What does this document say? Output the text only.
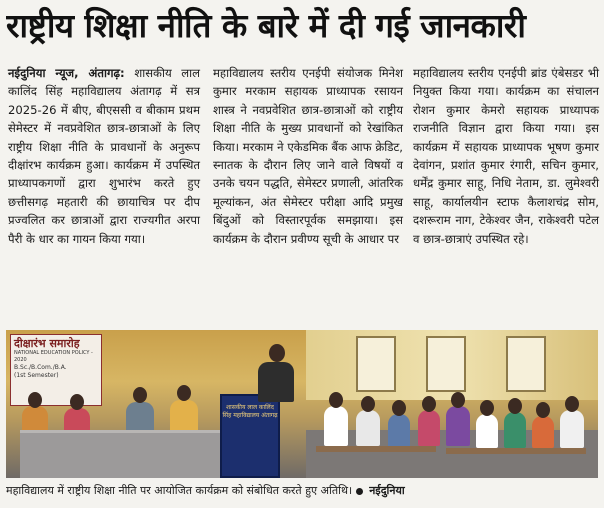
राष्ट्रीय शिक्षा नीति के बारे में दी गई जानकारी

नईदुनिया न्यूज, अंतागढ़: शासकीय लाल कालिंद सिंह महाविद्यालय अंतागढ़ में सत्र 2025-26 में बीए, बीएससी व बीकाम प्रथम सेमेस्टर में नवप्रवेशित छात्र-छात्राओं के लिए राष्ट्रीय शिक्षा नीति के प्रावधानों के अनुरूप दीक्षांरभ कार्यक्रम हुआ। कार्यक्रम में उपस्थित प्राध्यापकगणों द्वारा शुभारंभ करते हुए छत्तीसगढ़ महतारी की छायाचित्र पर दीप प्रज्वलित कर छात्राओं द्वारा राज्यगीत अरपा पैरी के धार का गायन किया गया।

महाविद्यालय स्तरीय एनईपी संयोजक मिनेश कुमार मरकाम सहायक प्राध्यापक रसायन शास्त्र ने नवप्रवेशित छात्र-छात्राओं को राष्ट्रीय शिक्षा नीति के मुख्य प्रावधानों को रेखांकित किया। मरकाम ने एकेडमिक बैंक आफ क्रेडिट, स्नातक के दौरान लिए जाने वाले विषयों व उनके चयन पद्धति, सेमेस्टर प्रणाली, आंतरिक मूल्यांकन, अंत सेमेस्टर परीक्षा आदि प्रमुख बिंदुओं को विस्तारपूर्वक समझाया। इस कार्यक्रम के दौरान प्रवीण्य सूची के आधार पर

महाविद्यालय स्तरीय एनईपी ब्रांड एंबेसडर भी नियुक्त किया गया। कार्यक्रम का संचालन रोशन कुमार केमरो सहायक प्राध्यापक राजनीति विज्ञान द्वारा किया गया। इस कार्यक्रम में सहायक प्राध्यापक भूषण कुमार देवांगन, प्रशांत कुमार रंगारी, सचिन कुमार, धर्मेंद्र कुमार साहू, निधि नेताम, डा. लुमेश्वरी साहू, कार्यालयीन स्टाफ कैलाशचंद्र सोम, दशरूराम नाग, टेकेश्वर जैन, राकेश्वरी पटेल व छात्र-छात्राएं उपस्थित रहे।

दीक्षारंभ समारोह
NATIONAL EDUCATION POLICY - 2020
B.Sc./B.Com./B.A.
(1st Semester)
शासकीय लाल कालिंद सिंह महाविद्यालय अंतागढ़
महाविद्यालय में राष्ट्रीय शिक्षा नीति पर आयोजित कार्यक्रम को संबोधित करते हुए अतिथि। नईदुनिया
